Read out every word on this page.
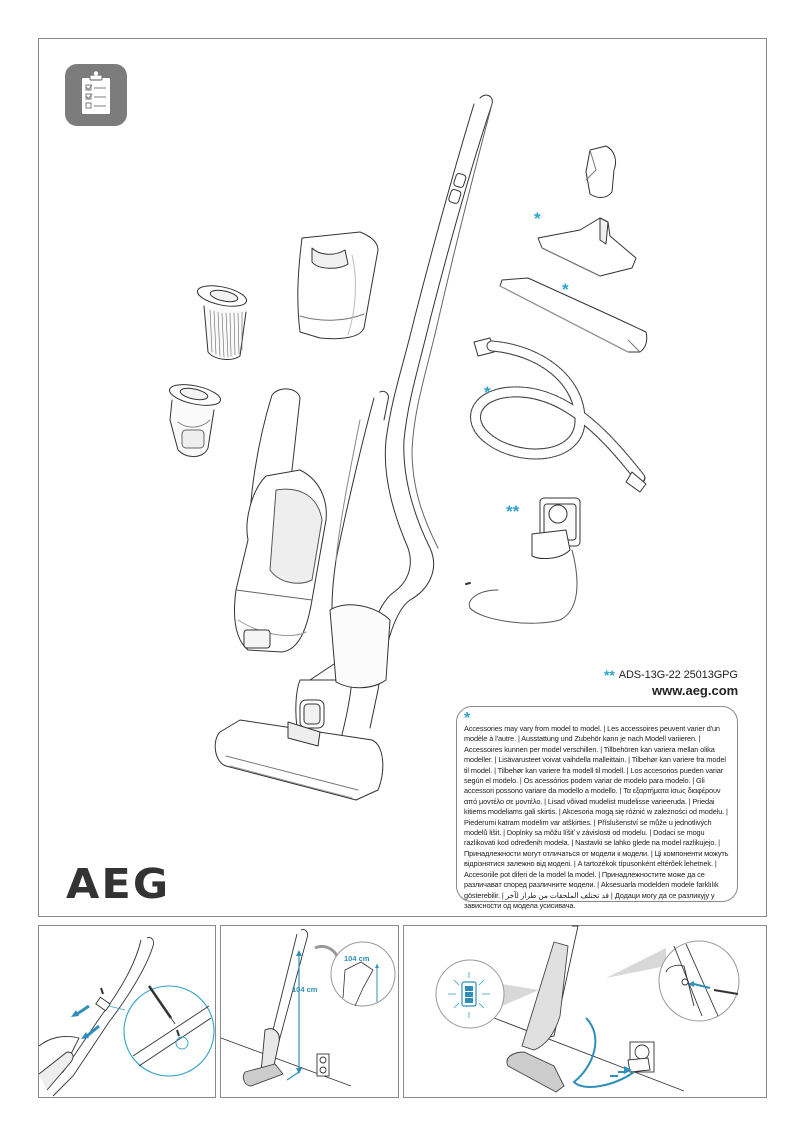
*
*
*
**
** ADS-13G-22 25013GPG
www.aeg.com
*
Accessories may vary from model to model. | Les accessoires peuvent varier d'un modèle à l'autre. | Ausstattung und Zubehör kann je nach Modell variieren. | Accessoires kunnen per model verschillen. | Tillbehören kan variera mellan olika modeller. | Lisävarusteet voivat vaihdella malleittain. | Tilbehør kan variere fra model til model. | Tilbehør kan variere fra modell til modell. | Los accesorios pueden variar según el modelo. | Os acessórios podem variar de modelo para modelo. | Gli accessori possono variare da modello a modello. | Τα εξαρτήματα ίσως διαφέρουν από μοντέλο σε μοντέλο. | Lisad võivad mudelist mudelisse varieeruda. | Priedai kitiems modeliams gali skirtis. | Akcesoria mogą się różnić w zależności od modelu. | Piederumi katram modelim var atšķirties. | Příslušenství se může u jednotlivých modelů lišit. | Doplnky sa môžu líšiť v závislosti od modelu. | Dodaci se mogu razlikovati kod određenih modela. | Nastavki se lahko glede na model razlikujejo. | Принадлежности могут отличаться от модели к модели. | Ці компоненти можуть відрізнятися залежно від моделі. | A tartozékok típusonként eltérőek lehetnek. | Accesoriile pot diferi de la model la model. | Принадлежностите може да се различават според различните модели. | Aksesuarla modelden modele farklılık gösterebilir. | قد تختلف الملحقات من طراز لآخر | Додаци могу да се разликују у зависности од модела усисивача.
AEG
104 cm
104 cm
